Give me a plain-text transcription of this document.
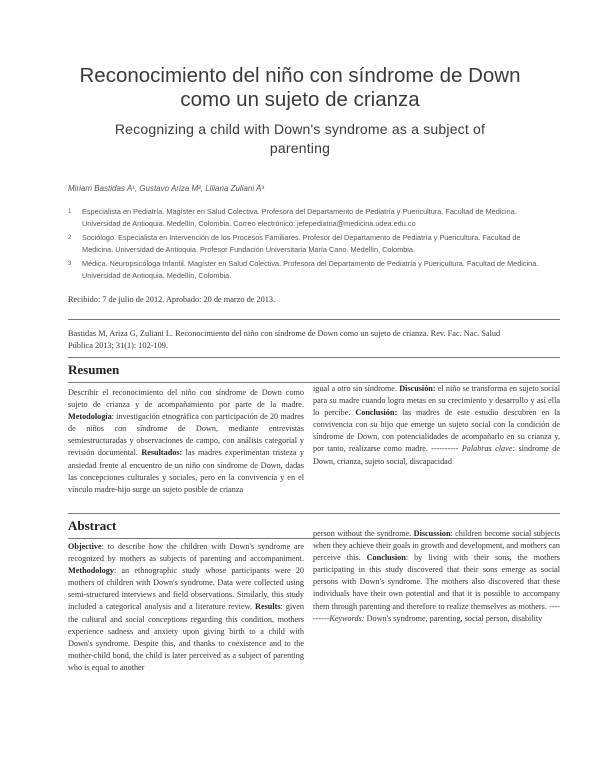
Reconocimiento del niño con síndrome de Down
como un sujeto de crianza
Recognizing a child with Down's syndrome as a subject of
parenting
Miriam Bastidas A¹, Gustavo Ariza M², Liliana Zuliani A³
1	Especialista en Pediatría. Magíster en Salud Colectiva. Profesora del Departamento de Pediatría y Puericultura. Facultad de Medicina.
Universidad de Antioquia. Medellín, Colombia. Correo electrónico: jefepediatria@medicina.udea.edu.co
2	Sociólogo. Especialista en Intervención de los Procesos Familiares. Profesor del Departamento de Pediatría y Puericultura. Facultad de
Medicina. Universidad de Antioquia. Profesor Fundación Universitaria María Cano. Medellín, Colombia.
3	Médica. Neuropsicóloga Infantil. Magíster en Salud Colectiva. Profesora del Departamento de Pediatría y Puericultura. Facultad de Medicina.
Universidad de Antioquia. Medellín, Colombia.
Recibido: 7 de julio de 2012. Aprobado: 20 de marzo de 2013.
Bastidas M, Ariza G, Zuliani L. Reconocimiento del niño con síndrome de Down como un sujeto de crianza. Rev. Fac. Nac. Salud
Pública 2013; 31(1): 102-109.
Resumen
Describir el reconocimiento del niño con síndrome de Down como sujeto de crianza y de acompañamiento por parte de la madre. Metodología: investigación etnográfica con participación de 20 madres de niños con síndrome de Down, mediante entrevistas semiestructuradas y observaciones de campo, con análisis categorial y revisión documental. Resultados: las madres experimentan tristeza y ansiedad frente al encuentro de un niño con síndrome de Down, dadas las concepciones culturales y sociales, pero en la convivencia y en el vínculo madre-hijo surge un sujeto posible de crianza
igual a otro sin síndrome. Discusión: el niño se transforma en sujeto social para su madre cuando logra metas en su crecimiento y desarrollo y así ella lo percibe. Conclusión: las madres de este estudio descubren en la convivencia con su hijo que emerge un sujeto social con la condición de síndrome de Down, con potencialidades de acompañarlo en su crianza y, por tanto, realizarse como madre. ---------- Palabras clave: síndrome de Down, crianza, sujeto social, discapacidad
Abstract
Objective: to describe how the children with Down's syndrome are recognized by mothers as subjects of parenting and accompaniment. Methodology: an ethnographic study whose participants were 20 mothers of children with Down's syndrome. Data were collected using semi-structured interviews and field observations. Similarly, this study included a categorical analysis and a literature review. Results: given the cultural and social conceptions regarding this condition, mothers experience sadness and anxiety upon giving birth to a child with Down's syndrome. Despite this, and thanks to coexistence and to the mother-child bond, the child is later perceived as a subject of parenting who is equal to another
person without the syndrome. Discussion: children become social subjects when they achieve their goals in growth and development, and mothers can perceive this. Conclusion: by living with their sons, the mothers participating in this study discovered that their sons emerge as social persons with Down's syndrome. The mothers also discovered that these individuals have their own potential and that it is possible to accompany them through parenting and therefore to realize themselves as mothers. ----------Keywords: Down's syndrome, parenting, social person, disability
